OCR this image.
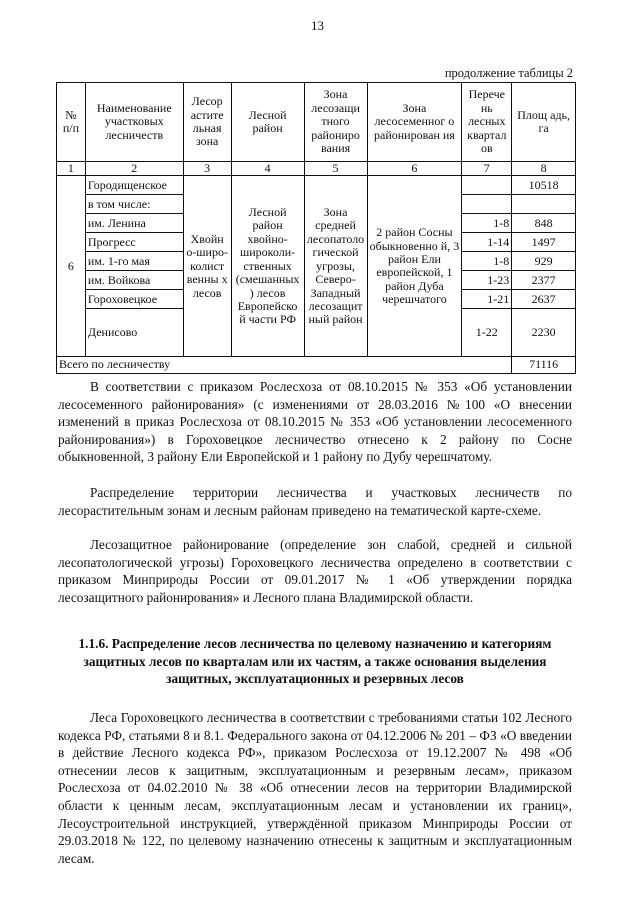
13
продолжение таблицы 2
№ п/п	Наименование участковых лесничеств	Лесор аститe льная зона	Лесной район	Зона лесозащи тного райониро вания	Зона лесосеменног о районирован ия	Перече нь лесных квартал ов	Площ адь, га
1	2	3	4	5	6	7	8
6	Городищенское	Хвойн о-широ-колист венны х лесов	Лесной район хвойно-широколи-ственных (смешанных ) лесов Европейско й части РФ	Зона средней лесопатоло гической угрозы, Северо-Западный лесозащит ный район	2 район Сосны обыкновенно й, 3 район Ели европейской, 1 район Дуба черешчатого		10518
	в том числе:						
	им. Ленина					1-8	848
	Прогресс					1-14	1497
	им. 1-го мая					1-8	929
	им. Войкова					1-23	2377
	Гороховецкое					1-21	2637
	Денисово					1-22	2230
Всего по лесничеству							71116

В соответствии с приказом Рослесхоза от 08.10.2015 № 353 «Об установлении лесосеменного районирования» (с изменениями от 28.03.2016 №100 «О внесении изменений в приказ Рослесхоза от 08.10.2015 № 353 «Об установлении лесосеменного районирования») в Гороховецкое лесничество отнесено к 2 району по Сосне обыкновенной, 3 району Ели Европейской и 1 району по Дубу черешчатому.

Распределение территории лесничества и участковых лесничеств по лесорастительным зонам и лесным районам приведено на тематической карте-схеме.

Лесозащитное районирование (определение зон слабой, средней и сильной лесопатологической угрозы) Гороховецкого лесничества определено в соответствии с приказом Минприроды России от 09.01.2017 № 1 «Об утверждении порядка лесозащитного районирования» и Лесного плана Владимирской области.

1.1.6. Распределение лесов лесничества по целевому назначению и категориям защитных лесов по кварталам или их частям, а также основания выделения защитных, эксплуатационных и резервных лесов

Леса Гороховецкого лесничества в соответствии с требованиями статьи 102 Лесного кодекса РФ, статьями 8 и 8.1. Федерального закона от 04.12.2006 № 201 – ФЗ «О введении в действие Лесного кодекса РФ», приказом Рослесхоза от 19.12.2007 № 498 «Об отнесении лесов к защитным, эксплуатационным и резервным лесам», приказом Рослесхоза от 04.02.2010 № 38 «Об отнесении лесов на территории Владимирской области к ценным лесам, эксплуатационным лесам и установлении их границ», Лесоустроительной инструкцией, утверждённой приказом Минприроды России от 29.03.2018 № 122, по целевому назначению отнесены к защитным и эксплуатационным лесам.
